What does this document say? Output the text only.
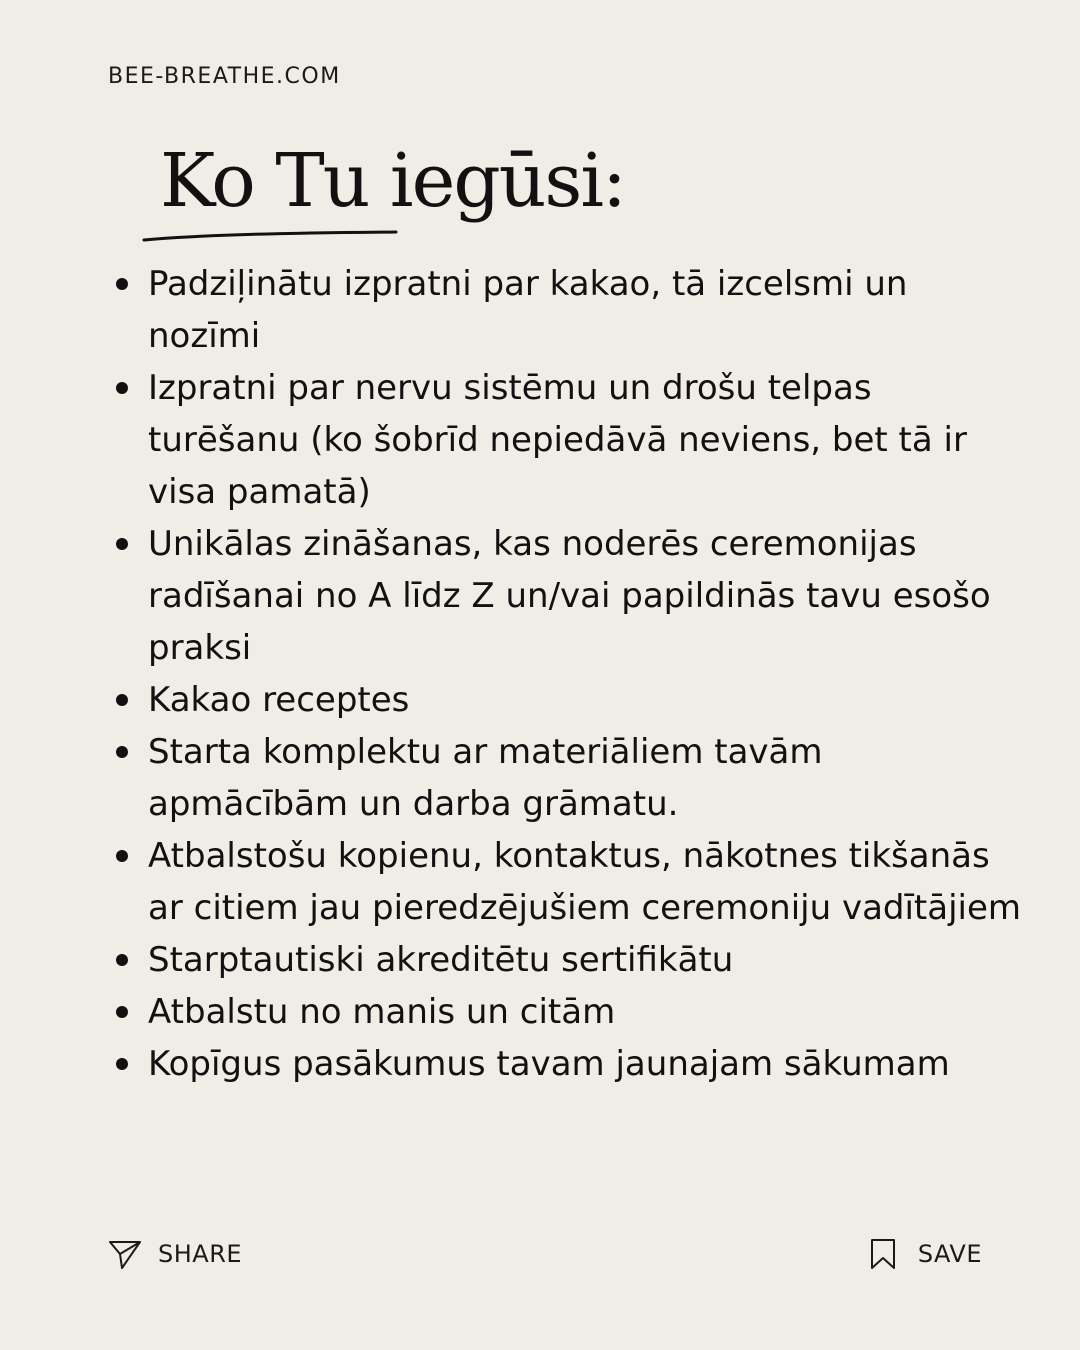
BEE-BREATHE.COM
Ko Tu iegūsi:
Padziļinātu izpratni par kakao, tā izcelsmi un nozīmi
Izpratni par nervu sistēmu un drošu telpas turēšanu (ko šobrīd nepiedāvā neviens, bet tā ir visa pamatā)
Unikālas zināšanas, kas noderēs ceremonijas radīšanai no A līdz Z un/vai papildinās tavu esošo praksi
Kakao receptes
Starta komplektu ar materiāliem tavām apmācībām un darba grāmatu.
Atbalstošu kopienu, kontaktus, nākotnes tikšanās ar citiem jau pieredzējušiem ceremoniju vadītājiem
Starptautiski akreditētu sertifikātu
Atbalstu no manis un citām
Kopīgus pasākumus tavam jaunajam sākumam
SHARE	SAVE
